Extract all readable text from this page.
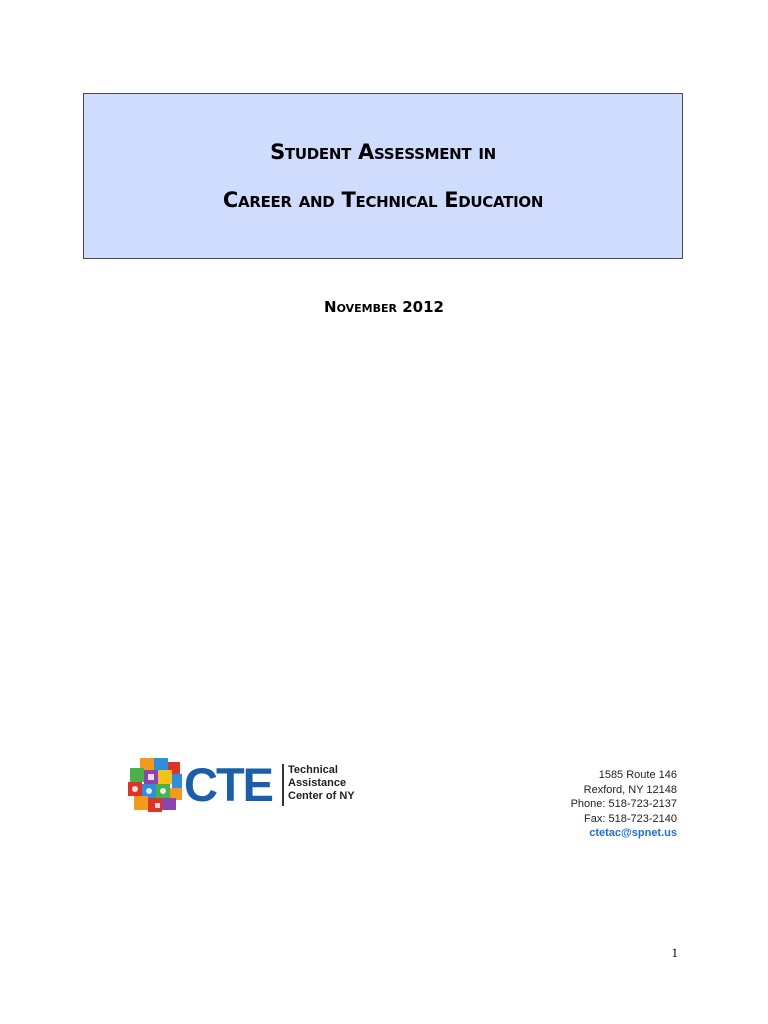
Student Assessment in
Career and Technical Education
November 2012
CTE Technical
Assistance
Center of NY
1585 Route 146
Rexford, NY 12148
Phone: 518-723-2137
Fax: 518-723-2140
ctetac@spnet.us
1
